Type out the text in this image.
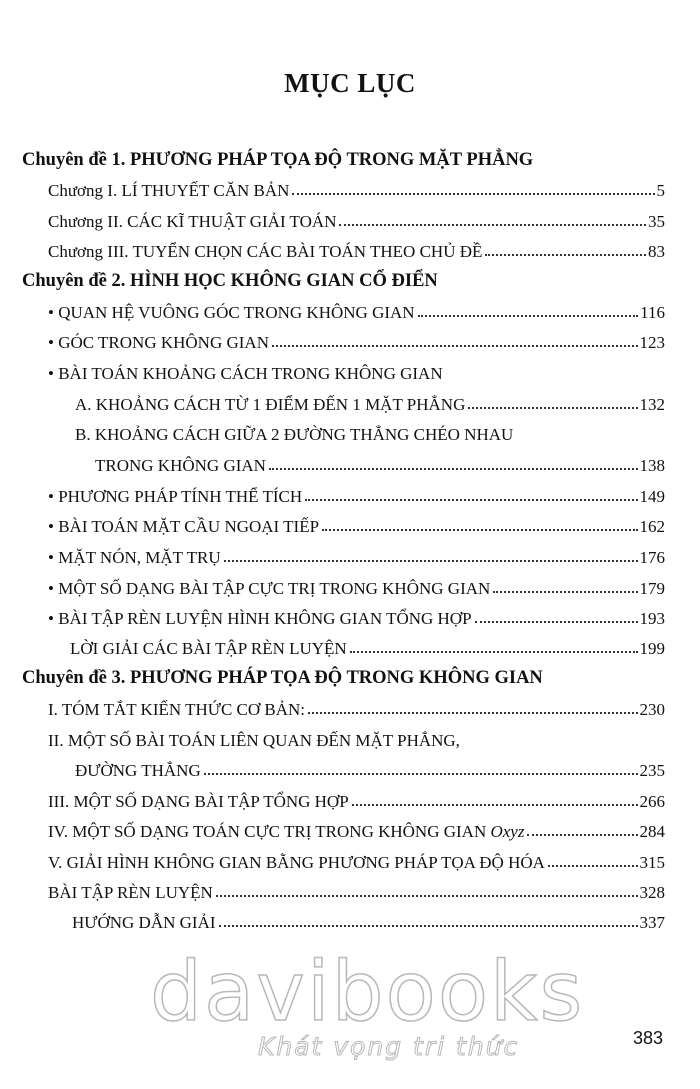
MỤC LỤC
Chuyên đề 1. PHƯƠNG PHÁP TỌA ĐỘ TRONG MẶT PHẲNG
Chương I. LÍ THUYẾT CĂN BẢN	5
Chương II. CÁC KĨ THUẬT GIẢI TOÁN	35
Chương III. TUYỂN CHỌN CÁC BÀI TOÁN THEO CHỦ ĐỀ	83
Chuyên đề 2. HÌNH HỌC KHÔNG GIAN CỔ ĐIỂN
• QUAN HỆ VUÔNG GÓC TRONG KHÔNG GIAN	116
• GÓC TRONG KHÔNG GIAN	123
• BÀI TOÁN KHOẢNG CÁCH TRONG KHÔNG GIAN
A. KHOẢNG CÁCH TỪ 1 ĐIỂM ĐẾN 1 MẶT PHẲNG	132
B. KHOẢNG CÁCH GIỮA 2 ĐƯỜNG THẲNG CHÉO NHAU
TRONG KHÔNG GIAN	138
• PHƯƠNG PHÁP TÍNH THỂ TÍCH	149
• BÀI TOÁN MẶT CẦU NGOẠI TIẾP	162
• MẶT NÓN, MẶT TRỤ	176
• MỘT SỐ DẠNG BÀI TẬP CỰC TRỊ TRONG KHÔNG GIAN	179
• BÀI TẬP RÈN LUYỆN HÌNH KHÔNG GIAN TỔNG HỢP	193
LỜI GIẢI CÁC BÀI TẬP RÈN LUYỆN	199
Chuyên đề 3. PHƯƠNG PHÁP TỌA ĐỘ TRONG KHÔNG GIAN
I. TÓM TẮT KIẾN THỨC CƠ BẢN:	230
II. MỘT SỐ BÀI TOÁN LIÊN QUAN ĐẾN MẶT PHẲNG,
ĐƯỜNG THẲNG	235
III. MỘT SỐ DẠNG BÀI TẬP TỔNG HỢP	266
IV. MỘT SỐ DẠNG TOÁN CỰC TRỊ TRONG KHÔNG GIAN Oxyz	284
V. GIẢI HÌNH KHÔNG GIAN BẰNG PHƯƠNG PHÁP TỌA ĐỘ HÓA	315
BÀI TẬP RÈN LUYỆN	328
HƯỚNG DẪN GIẢI	337
davibooks
Khát vọng tri thức	383
